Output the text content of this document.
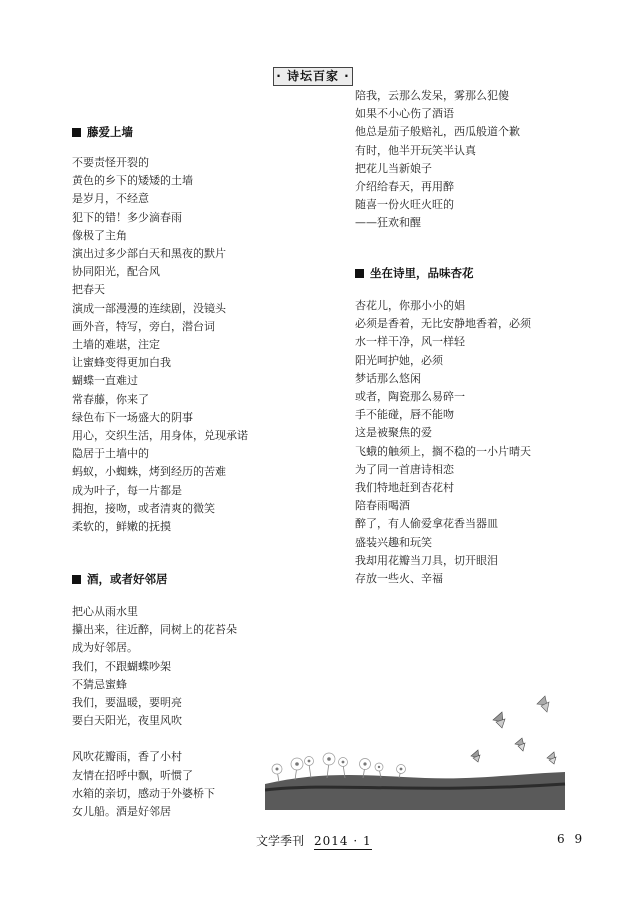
· 诗坛百家 ·
藤爱上墙
不要责怪开裂的
黄色的乡下的矮矮的土墙
是岁月，不经意
犯下的错！多少滴春雨
像极了主角
演出过多少部白天和黑夜的默片
协同阳光，配合风
把春天
演成一部漫漫的连续剧，没镜头
画外音，特写，旁白，潜台词
土墙的难堪，注定
让蜜蜂变得更加白我
蝴蝶一直难过
常春藤，你来了
绿色布下一场盛大的阴事
用心，交织生活，用身体，兑现承诺
隐居于土墙中的
蚂蚁，小蜘蛛，烤到经历的苦难
成为叶子，每一片都是
拥抱，接吻，或者清爽的微笑
柔软的，鲜嫩的抚摸
酒，或者好邻居
把心从雨水里
攥出来，往近醉，同树上的花苔朵
成为好邻居。
我们，不跟蝴蝶吵架
不猜忌蜜蜂
我们，要温暖，要明亮
要白天阳光，夜里风吹
风吹花瓣雨，香了小村
友情在招呼中飘，听惯了
水箱的亲切，感动于外婆桥下
女儿船。酒是好邻居
陪我，云那么发呆，雾那么犯傻
如果不小心伤了酒语
他总是茄子般赔礼，西瓜般道个歉
有时，他半开玩笑半认真
把花儿当新娘子
介绍给春天，再用醉
随喜一份火旺火旺的
——狂欢和醒
坐在诗里，品味杏花
杏花儿，你那小小的娼
必须是香着，无比安静地香着，必须
水一样干净，风一样轻
阳光呵护她，必须
梦话那么悠闲
或者，陶瓷那么易碎一
手不能碰，唇不能吻
这是被聚焦的爱
飞蛾的触须上，搁不稳的一小片晴天
为了同一首唐诗相恋
我们特地赶到杏花村
陪春雨喝酒
醉了，有人偷爱拿花香当器皿
盛装兴趣和玩笑
我却用花瓣当刀具，切开眼泪
存放一些火、辛福
文学季刊 2014 · 1	6 9
